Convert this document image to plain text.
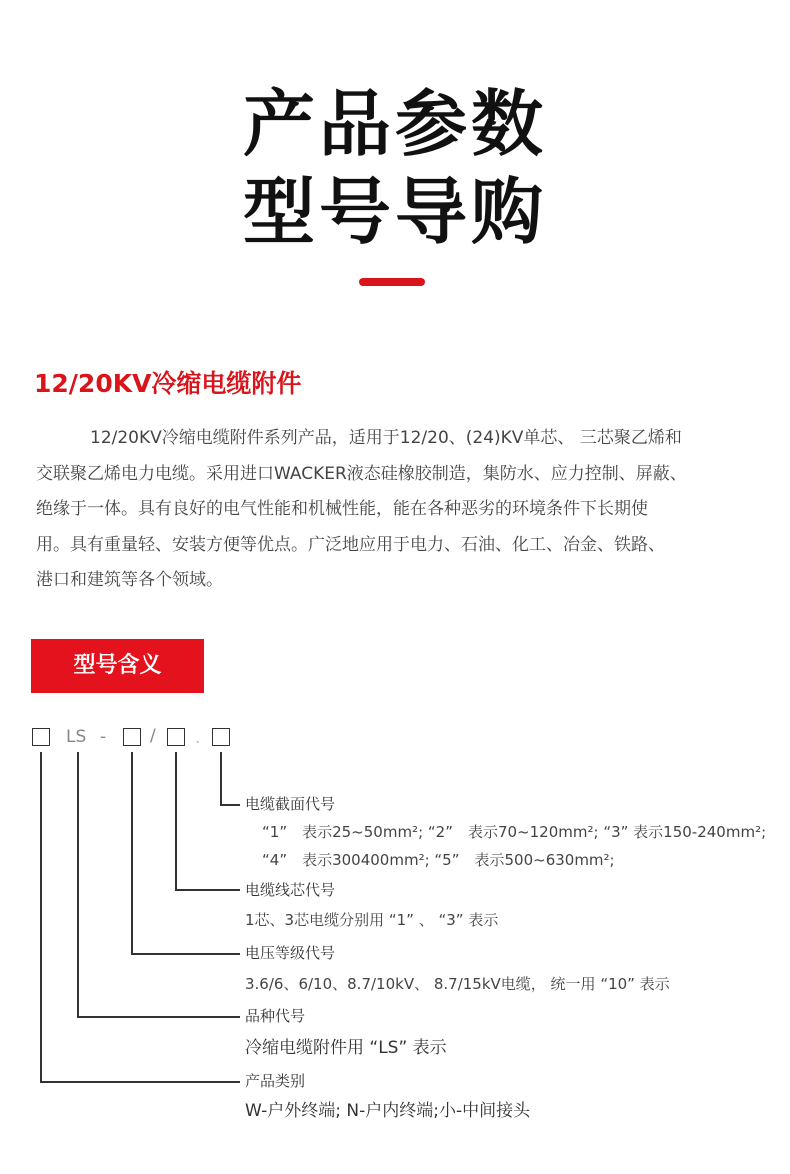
产品参数
型号导购
12/20KV冷缩电缆附件
12/20KV冷缩电缆附件系列产品，适用于12/20、(24)KV单芯、 三芯聚乙烯和
交联聚乙烯电力电缆。采用进口WACKER液态硅橡胶制造，集防水、应力控制、屏蔽、
绝缘于一体。具有良好的电气性能和机械性能，能在各种恶劣的环境条件下长期使
用。具有重量轻、安装方便等优点。广泛地应用于电力、石油、化工、冶金、铁路、
港口和建筑等各个领域。
型号含义
LS -	/ .
电缆截面代号
“1”　表示25~50mm²; “2”　表示70~120mm²; “3” 表示150-240mm²;
“4”　表示300400mm²; “5”　表示500~630mm²;
电缆线芯代号
1芯、3芯电缆分别用 “1” 、 “3” 表示
电压等级代号
3.6/6、6/10、8.7/10kV、 8.7/15kV电缆， 统一用 “10” 表示
品种代号
冷缩电缆附件用 “LS” 表示
产品类别
W-户外终端; N-户内终端;小-中间接头
